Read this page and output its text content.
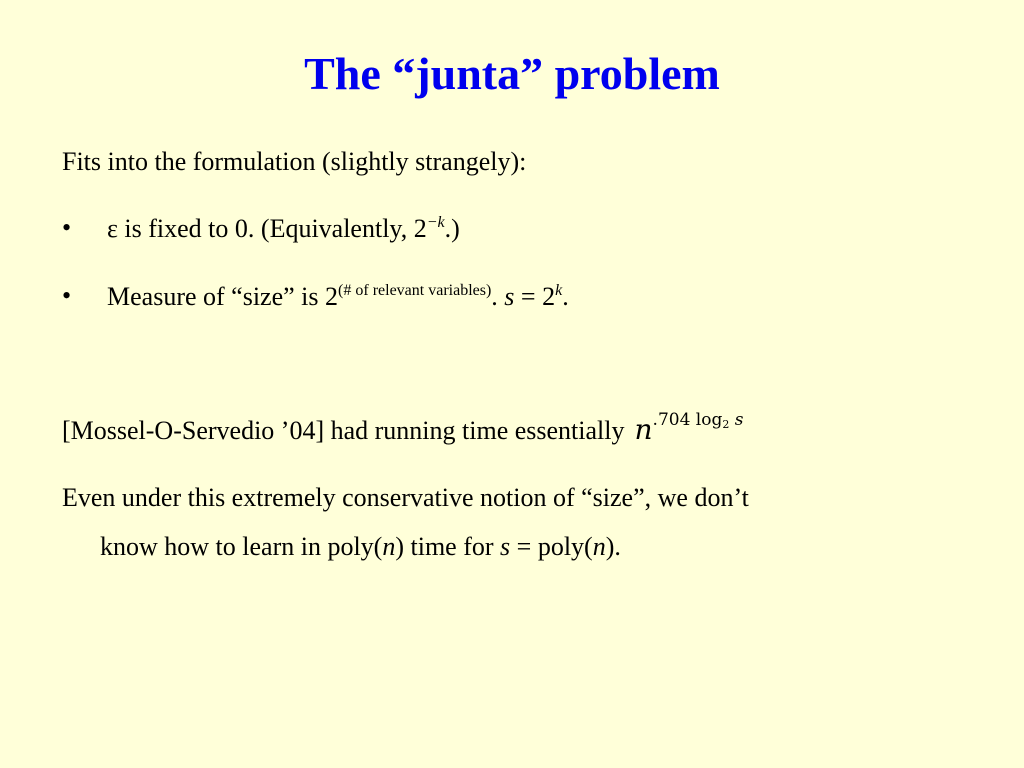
The “junta” problem
Fits into the formulation (slightly strangely):
• ε is fixed to 0. (Equivalently, $2^{-k}$.)
• Measure of “size” is $2^{(\# of relevant variables)}$. $s = 2^k$.
[Mossel-O-Servedio ’04] had running time essentially $n^{.704 log2 s}$
Even under this extremely conservative notion of “size”, we don’t
know how to learn in poly(n) time for s = poly(n).
